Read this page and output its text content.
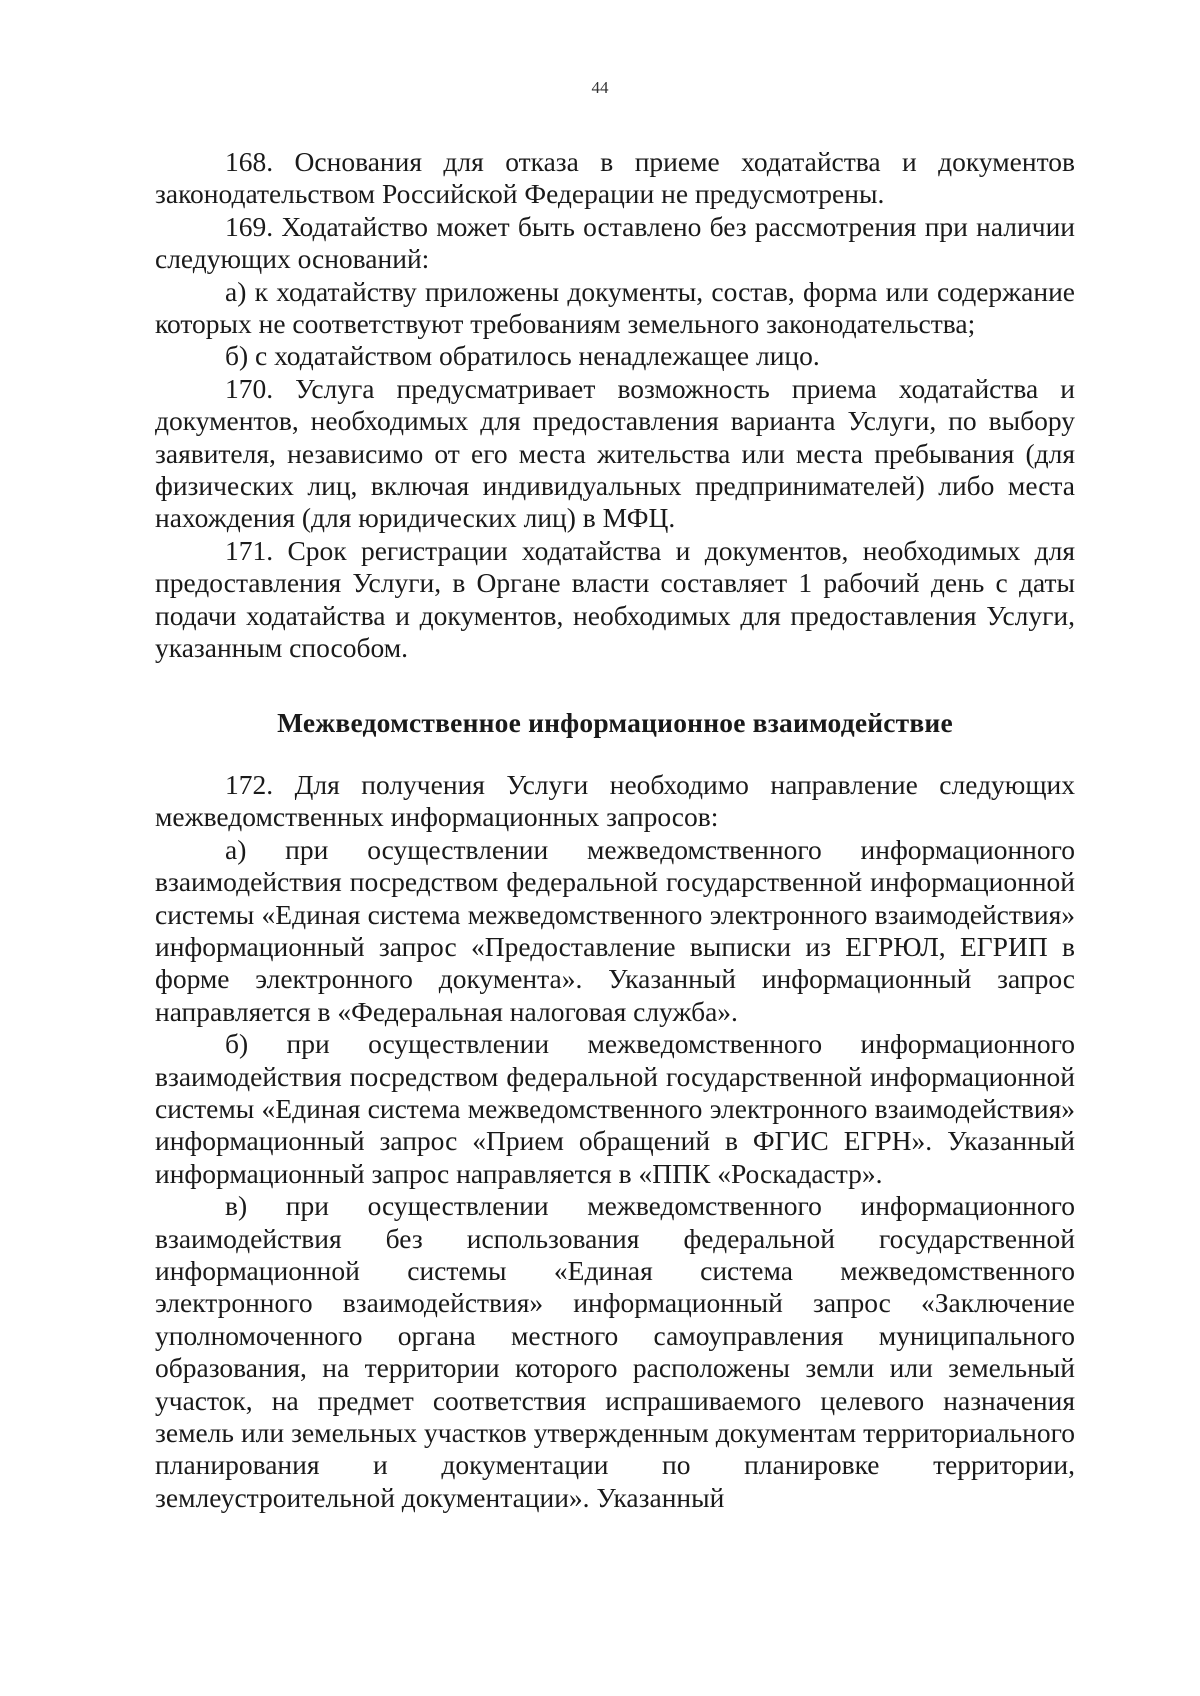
44

168. Основания для отказа в приеме ходатайства и документов законодательством Российской Федерации не предусмотрены.

169. Ходатайство может быть оставлено без рассмотрения при наличии следующих оснований:

а) к ходатайству приложены документы, состав, форма или содержание которых не соответствуют требованиям земельного законодательства;

б) с ходатайством обратилось ненадлежащее лицо.

170. Услуга предусматривает возможность приема ходатайства и документов, необходимых для предоставления варианта Услуги, по выбору заявителя, независимо от его места жительства или места пребывания (для физических лиц, включая индивидуальных предпринимателей) либо места нахождения (для юридических лиц) в МФЦ.

171. Срок регистрации ходатайства и документов, необходимых для предоставления Услуги, в Органе власти составляет 1 рабочий день с даты подачи ходатайства и документов, необходимых для предоставления Услуги, указанным способом.

Межведомственное информационное взаимодействие

172. Для получения Услуги необходимо направление следующих межведомственных информационных запросов:

а) при осуществлении межведомственного информационного взаимодействия посредством федеральной государственной информационной системы «Единая система межведомственного электронного взаимодействия» информационный запрос «Предоставление выписки из ЕГРЮЛ, ЕГРИП в форме электронного документа». Указанный информационный запрос направляется в «Федеральная налоговая служба».

б) при осуществлении межведомственного информационного взаимодействия посредством федеральной государственной информационной системы «Единая система межведомственного электронного взаимодействия» информационный запрос «Прием обращений в ФГИС ЕГРН». Указанный информационный запрос направляется в «ППК «Роскадастр».

в) при осуществлении межведомственного информационного взаимодействия без использования федеральной государственной информационной системы «Единая система межведомственного электронного взаимодействия» информационный запрос «Заключение уполномоченного органа местного самоуправления муниципального образования, на территории которого расположены земли или земельный участок, на предмет соответствия испрашиваемого целевого назначения земель или земельных участков утвержденным документам территориального планирования и документации по планировке территории, землеустроительной документации». Указанный
